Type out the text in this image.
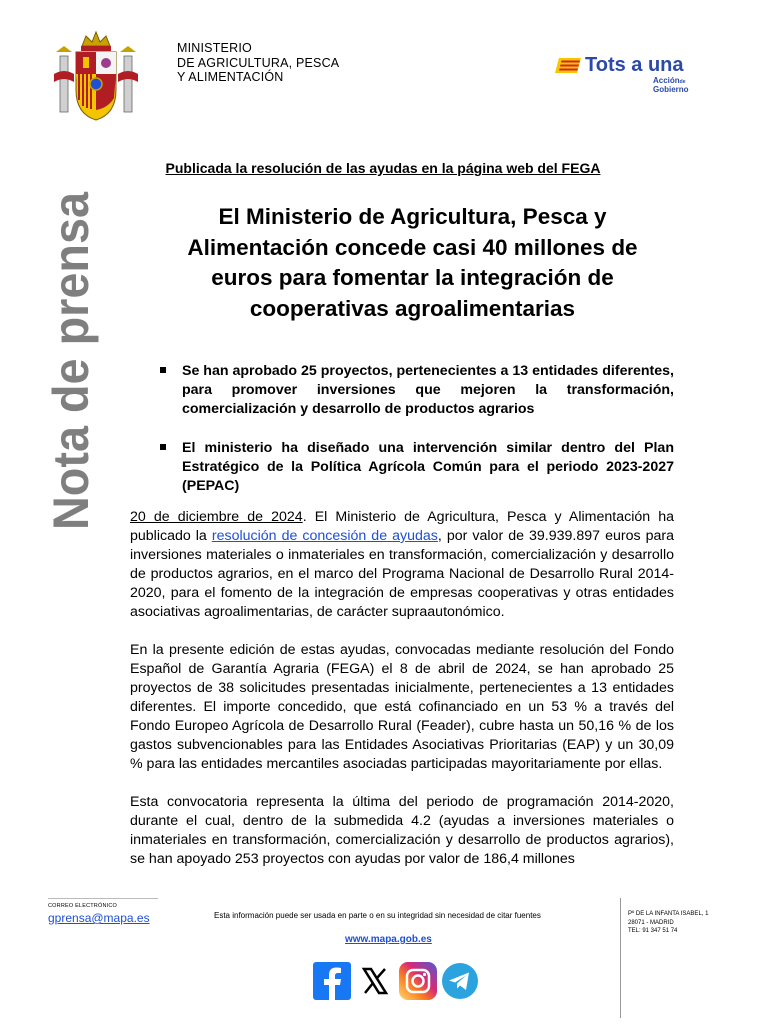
MINISTERIO
DE AGRICULTURA, PESCA
Y ALIMENTACIÓN
Tots a una
Acciónde
Gobierno
Nota de prensa
Publicada la resolución de las ayudas en la página web del FEGA
El Ministerio de Agricultura, Pesca y
Alimentación concede casi 40 millones de
euros para fomentar la integración de
cooperativas agroalimentarias
Se han aprobado 25 proyectos, pertenecientes a 13 entidades diferentes, para promover inversiones que mejoren la transformación, comercialización y desarrollo de productos agrarios
El ministerio ha diseñado una intervención similar dentro del Plan Estratégico de la Política Agrícola Común para el periodo 2023-2027 (PEPAC)

20 de diciembre de 2024. El Ministerio de Agricultura, Pesca y Alimentación ha publicado la resolución de concesión de ayudas, por valor de 39.939.897 euros para inversiones materiales o inmateriales en transformación, comercialización y desarrollo de productos agrarios, en el marco del Programa Nacional de Desarrollo Rural 2014-2020, para el fomento de la integración de empresas cooperativas y otras entidades asociativas agroalimentarias, de carácter supraautonómico.

En la presente edición de estas ayudas, convocadas mediante resolución del Fondo Español de Garantía Agraria (FEGA) el 8 de abril de 2024, se han aprobado 25 proyectos de 38 solicitudes presentadas inicialmente, pertenecientes a 13 entidades diferentes. El importe concedido, que está cofinanciado en un 53 % a través del Fondo Europeo Agrícola de Desarrollo Rural (Feader), cubre hasta un 50,16 % de los gastos subvencionables para las Entidades Asociativas Prioritarias (EAP) y un 30,09 % para las entidades mercantiles asociadas participadas mayoritariamente por ellas.

Esta convocatoria representa la última del periodo de programación 2014-2020, durante el cual, dentro de la submedida 4.2 (ayudas a inversiones materiales o inmateriales en transformación, comercialización y desarrollo de productos agrarios), se han apoyado 253 proyectos con ayudas por valor de 186,4 millones

CORREO ELECTRÓNICO
gprensa@mapa.es	Esta información puede ser usada en parte o en su integridad sin necesidad de citar fuentes
www.mapa.gob.es
Pº DE LA INFANTA ISABEL, 1
28071 - MADRID
TEL: 91 347 51 74
